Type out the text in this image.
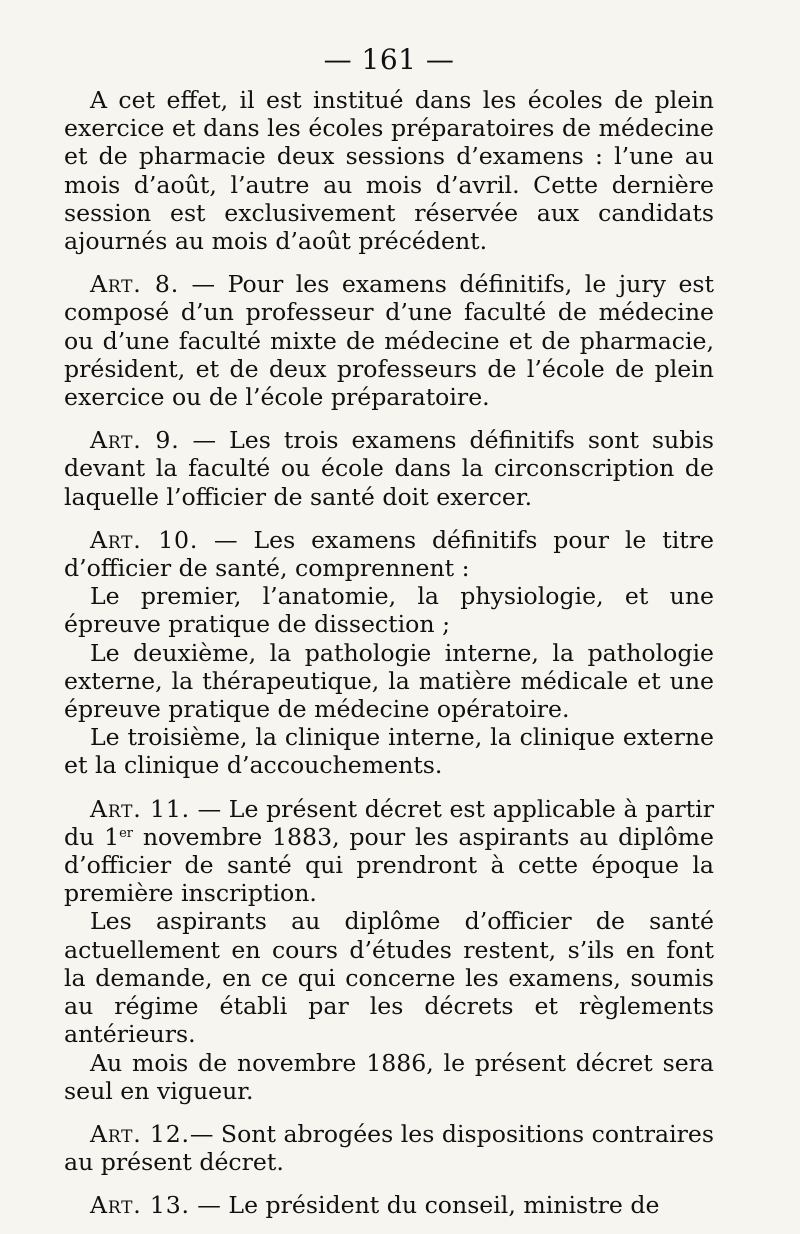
— 161 —

A cet effet, il est institué dans les écoles de plein exercice et dans les écoles préparatoires de médecine et de pharmacie deux sessions d’examens : l’une au mois d’août, l’autre au mois d’avril. Cette dernière session est exclusivement réservée aux candidats ajournés au mois d’août précédent.

Art. 8. — Pour les examens définitifs, le jury est composé d’un professeur d’une faculté de médecine ou d’une faculté mixte de médecine et de pharmacie, président, et de deux professeurs de l’école de plein exercice ou de l’école préparatoire.

Art. 9. — Les trois examens définitifs sont subis devant la faculté ou école dans la circonscription de laquelle l’officier de santé doit exercer.

Art. 10. — Les examens définitifs pour le titre d’officier de santé, comprennent :

Le premier, l’anatomie, la physiologie, et une épreuve pratique de dissection ;

Le deuxième, la pathologie interne, la pathologie externe, la thérapeutique, la matière médicale et une épreuve pratique de médecine opératoire.

Le troisième, la clinique interne, la clinique externe et la clinique d’accouchements.

Art. 11. — Le présent décret est applicable à partir du 1er novembre 1883, pour les aspirants au diplôme d’officier de santé qui prendront à cette époque la première inscription.

Les aspirants au diplôme d’officier de santé actuellement en cours d’études restent, s’ils en font la demande, en ce qui concerne les examens, soumis au régime établi par les décrets et règlements antérieurs.

Au mois de novembre 1886, le présent décret sera seul en vigueur.

Art. 12.— Sont abrogées les dispositions contraires au présent décret.

Art. 13. — Le président du conseil, ministre de
